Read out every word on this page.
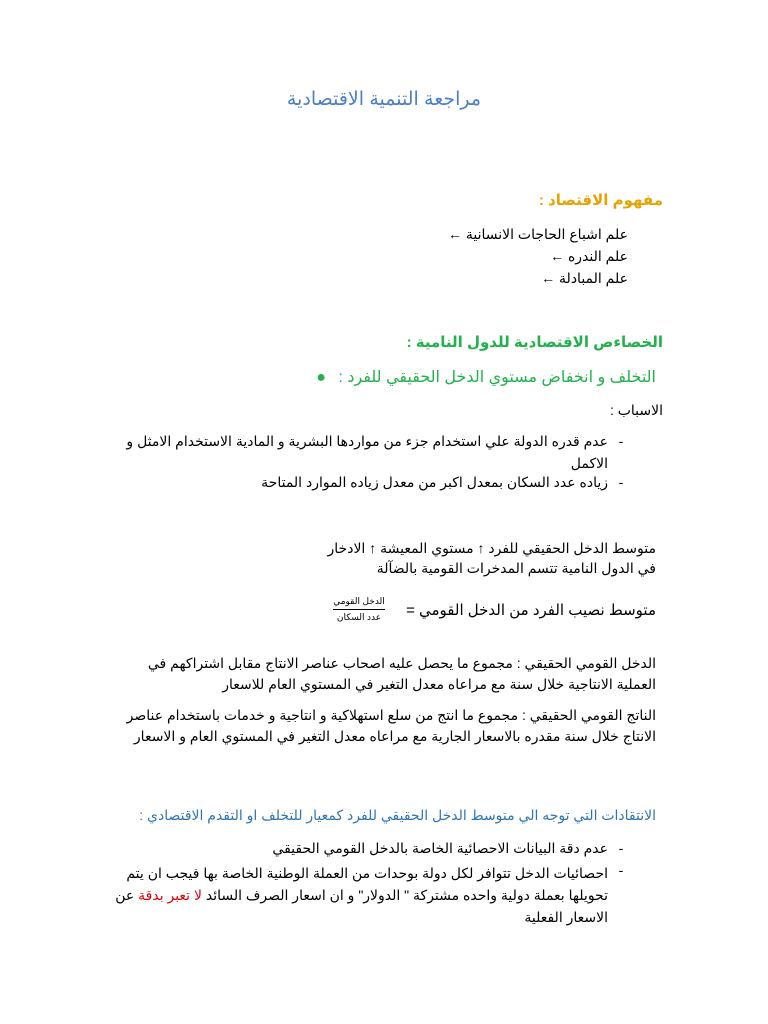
مراجعة التنمية الاقتصادية
مفهوم الاقتصاد :
علم اشباع الحاجات الانسانية ←
علم الندره ←
علم المبادلة ←
الخصاءص الاقتصادية للدول النامية :
التخلف و انخفاض مستوي الدخل الحقيقي للفرد : ●
الاسباب :
-
عدم قدره الدولة علي استخدام جزء من مواردها البشرية و المادية الاستخدام الامثل و الاكمل
-
زياده عدد السكان بمعدل اكبر من معدل زياده الموارد المتاحة
متوسط الدخل الحقيقي للفرد ↑ مستوي المعيشة ↑ الادخار
في الدول النامية تتسم المدخرات القومية بالضآلة
متوسط نصيب الفرد من الدخل القومي =
الدخل القومي
عدد السكان
الدخل القومي الحقيقي : مجموع ما يحصل عليه اصحاب عناصر الانتاج مقابل اشتراكهم في العملية الانتاجية خلال سنة مع مراعاه معدل التغير في المستوي العام للاسعار
الناتج القومي الحقيقي : مجموع ما انتج من سلع استهلاكية و انتاجية و خدمات باستخدام عناصر الانتاج خلال سنة مقدره بالاسعار الجارية مع مراعاه معدل التغير في المستوي العام و الاسعار
الانتقادات التي توجه الي متوسط الدخل الحقيقي للفرد كمعيار للتخلف او التقدم الاقتصادي :
-
عدم دقة البيانات الاحصائية الخاصة بالدخل القومي الحقيقي
-
احصائيات الدخل تتوافر لكل دولة بوحدات من العملة الوطنية الخاصة بها فيجب ان يتم تحويلها بعملة دولية واحده مشتركة " الدولار" و ان اسعار الصرف السائد لا تعبر بدقة عن الاسعار الفعلية
